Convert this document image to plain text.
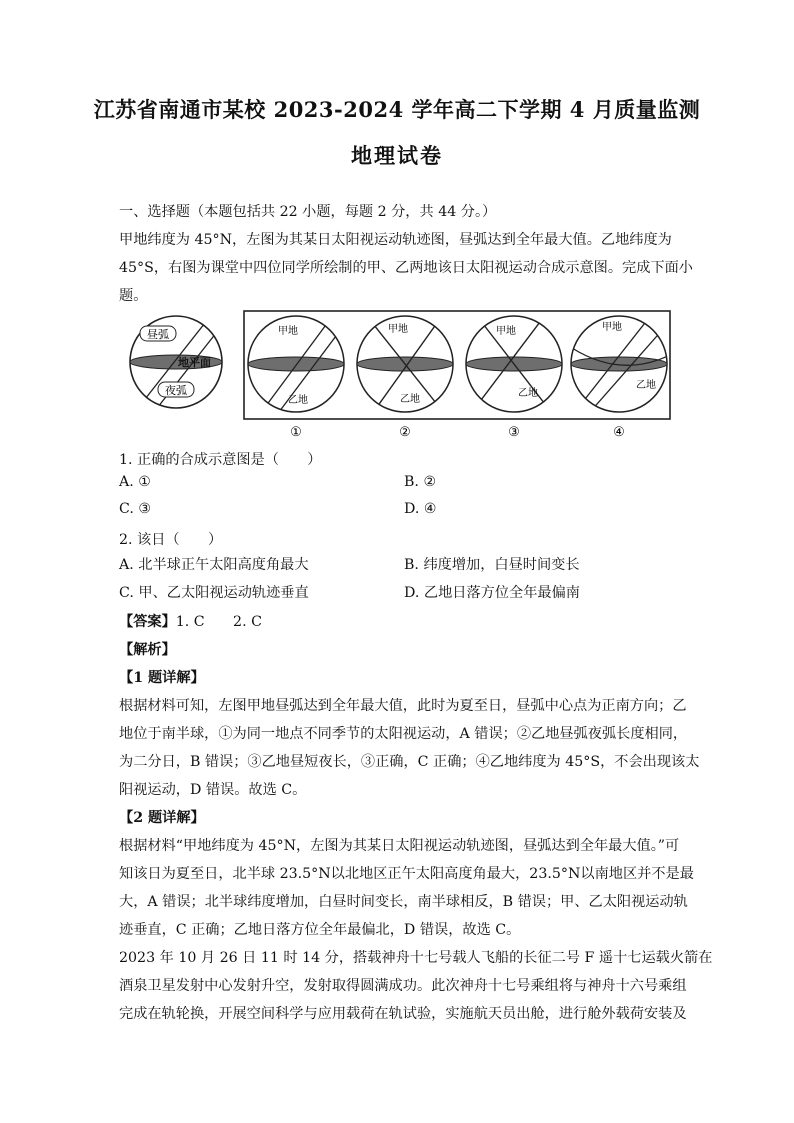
江苏省南通市某校 2023-2024 学年高二下学期 4 月质量监测
地理试卷
一、选择题（本题包括共 22 小题，每题 2 分，共 44 分。）
甲地纬度为 45°N，左图为其某日太阳视运动轨迹图，昼弧达到全年最大值。乙地纬度为
45°S，右图为课堂中四位同学所绘制的甲、乙两地该日太阳视运动合成示意图。完成下面小
题。
昼弧
地平面
夜弧
甲地
乙地
甲地
乙地
甲地
乙地
甲地
乙地
①	②	③	④
1. 正确的合成示意图是（　　）
A. ①	B. ②
C. ③	D. ④
2. 该日（　　）
A. 北半球正午太阳高度角最大	B. 纬度增加，白昼时间变长
C. 甲、乙太阳视运动轨迹垂直	D. 乙地日落方位全年最偏南
【答案】1. C　　2. C
【解析】
【1 题详解】
根据材料可知，左图甲地昼弧达到全年最大值，此时为夏至日，昼弧中心点为正南方向；乙
地位于南半球，①为同一地点不同季节的太阳视运动，A 错误；②乙地昼弧夜弧长度相同，
为二分日，B 错误；③乙地昼短夜长，③正确，C 正确；④乙地纬度为 45°S，不会出现该太
阳视运动，D 错误。故选 C。
【2 题详解】
根据材料“甲地纬度为 45°N，左图为其某日太阳视运动轨迹图，昼弧达到全年最大值。”可
知该日为夏至日，北半球 23.5°N以北地区正午太阳高度角最大，23.5°N以南地区并不是最
大，A 错误；北半球纬度增加，白昼时间变长，南半球相反，B 错误；甲、乙太阳视运动轨
迹垂直，C 正确；乙地日落方位全年最偏北，D 错误，故选 C。
2023 年 10 月 26 日 11 时 14 分，搭载神舟十七号载人飞船的长征二号 F 遥十七运载火箭在
酒泉卫星发射中心发射升空，发射取得圆满成功。此次神舟十七号乘组将与神舟十六号乘组
完成在轨轮换，开展空间科学与应用载荷在轨试验，实施航天员出舱，进行舱外载荷安装及
